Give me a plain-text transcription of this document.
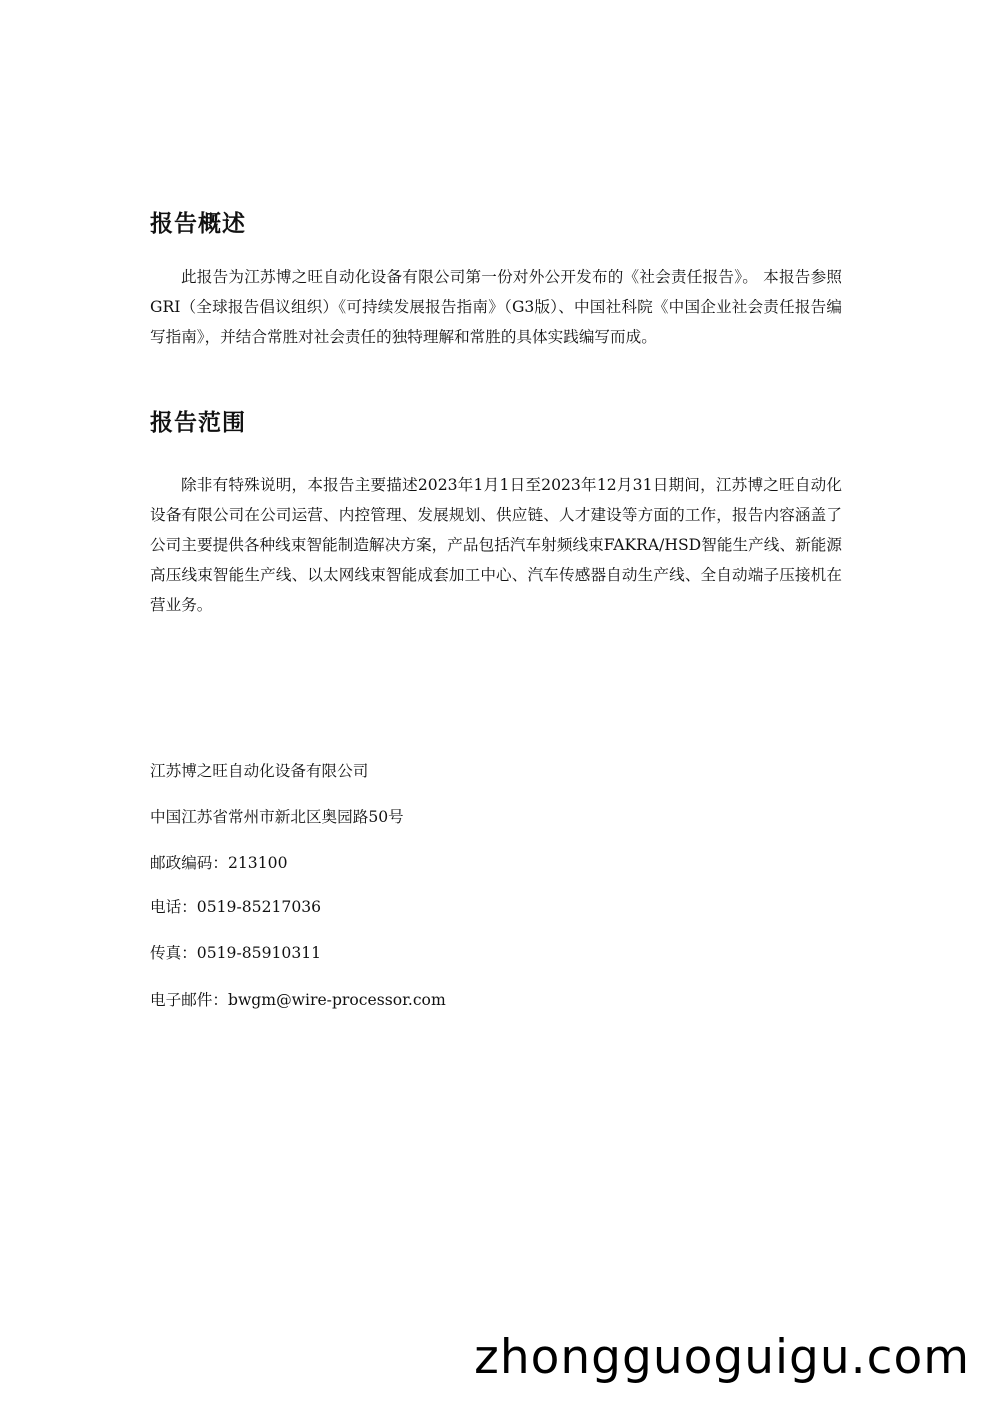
报告概述

此报告为江苏博之旺自动化设备有限公司第一份对外公开发布的《社会责任报告》。 本报告参照GRI（全球报告倡议组织）《可持续发展报告指南》（G3版）、中国社科院《中国企业社会责任报告编写指南》，并结合常胜对社会责任的独特理解和常胜的具体实践编写而成。

报告范围

除非有特殊说明，本报告主要描述2023年1月1日至2023年12月31日期间，江苏博之旺自动化设备有限公司在公司运营、内控管理、发展规划、供应链、人才建设等方面的工作，报告内容涵盖了公司主要提供各种线束智能制造解决方案，产品包括汽车射频线束FAKRA/HSD智能生产线、新能源高压线束智能生产线、以太网线束智能成套加工中心、汽车传感器自动生产线、全自动端子压接机在营业务。

江苏博之旺自动化设备有限公司

中国江苏省常州市新北区奥园路50号

邮政编码：213100

电话：0519-85217036

传真：0519-85910311

电子邮件：bwgm@wire-processor.com

zhongguoguigu.com
